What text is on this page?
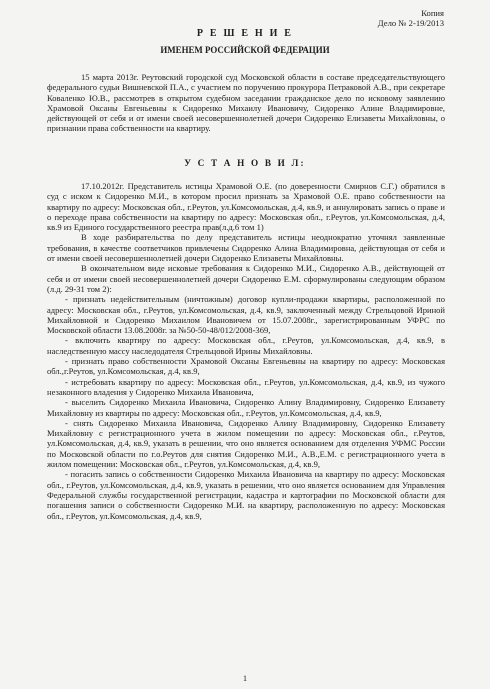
Копия
Дело № 2-19/2013
Р Е Ш Е Н И Е
ИМЕНЕМ РОССИЙСКОЙ ФЕДЕРАЦИИ

15 марта 2013г. Реутовский городской суд Московской области в составе председательствующего федерального судьи Вишневской П.А., с участием по поручению прокурора Петраковой А.В., при секретаре Коваленко Ю.В., рассмотрев в открытом судебном заседании гражданское дело по исковому заявлению Храмовой Оксаны Евгеньевны к Сидоренко Михаилу Ивановичу, Сидоренко Алине Владимировне, действующей от себя и от имени своей несовершеннолетней дочери Сидоренко Елизаветы Михайловны, о признании права собственности на квартиру.

У С Т А Н О В И Л:

17.10.2012г. Представитель истицы Храмовой О.Е. (по доверенности Смирнов С.Г.) обратился в суд с иском к Сидоренко М.И., в котором просил признать за Храмовой О.Е. право собственности на квартиру по адресу: Московская обл., г.Реутов, ул.Комсомольская, д.4, кв.9, и аннулировать запись о праве и о переходе права собственности на квартиру по адресу: Московская обл., г.Реутов, ул.Комсомольская, д.4, кв.9 из Единого государственного реестра прав(л.д.6 том 1)

В ходе разбирательства по делу представитель истицы неоднократно уточнял заявленные требования, в качестве соответчиков привлечены Сидоренко Алина Владимировна, действующая от себя и от имени своей несовершеннолетней дочери Сидоренко Елизаветы Михайловны.

В окончательном виде исковые требования к Сидоренко М.И., Сидоренко А.В., действующей от себя и от имени своей несовершеннолетней дочери Сидоренко Е.М. сформулированы следующим образом (л.д. 29-31 том 2):

- признать недействительным (ничтожным) договор купли-продажи квартиры, расположенной по адресу: Московская обл., г.Реутов, ул.Комсомольская, д.4, кв.9, заключенный между Стрельцовой Ириной Михайловной и Сидоренко Михаилом Ивановичем от 15.07.2008г., зарегистрированным УФРС по Московской области 13.08.2008г. за №50-50-48/012/2008-369,

- включить квартиру по адресу: Московская обл., г.Реутов, ул.Комсомольская, д.4, кв.9, в наследственную массу наследодателя Стрельцовой Ирины Михайловны.

- признать право собственности Храмовой Оксаны Евгеньевны на квартиру по адресу: Московская обл.,г.Реутов, ул.Комсомольская, д.4, кв.9,

- истребовать квартиру по адресу: Московская обл., г.Реутов, ул.Комсомольская, д.4, кв.9, из чужого незаконного владения у Сидоренко Михаила Ивановича,

- выселить Сидоренко Михаила Ивановича, Сидоренко Алину Владимировну, Сидоренко Елизавету Михайловну из квартиры по адресу: Московская обл., г.Реутов, ул.Комсомольская, д.4, кв.9,

- снять Сидоренко Михаила Ивановича, Сидоренко Алину Владимировну, Сидоренко Елизавету Михайловну с регистрационного учета в жилом помещении по адресу: Московская обл., г.Реутов, ул.Комсомольская, д.4, кв.9, указать в решении, что оно является основанием для отделения УФМС России по Московской области по г.о.Реутов для снятия Сидоренко М.И., А.В.,Е.М. с регистрационного учета в жилом помещении: Московская обл., г.Реутов, ул.Комсомольская, д.4, кв.9,

- погасить запись о собственности Сидоренко Михаила Ивановича на квартиру по адресу: Московская обл., г.Реутов, ул.Комсомольская, д.4, кв.9, указать в решении, что оно является основанием для Управления Федеральной службы государственной регистрации, кадастра и картографии по Московской области для погашения записи о собственности Сидоренко М.И. на квартиру, расположенную по адресу: Московская обл., г.Реутов, ул.Комсомольская, д.4, кв.9,

1
